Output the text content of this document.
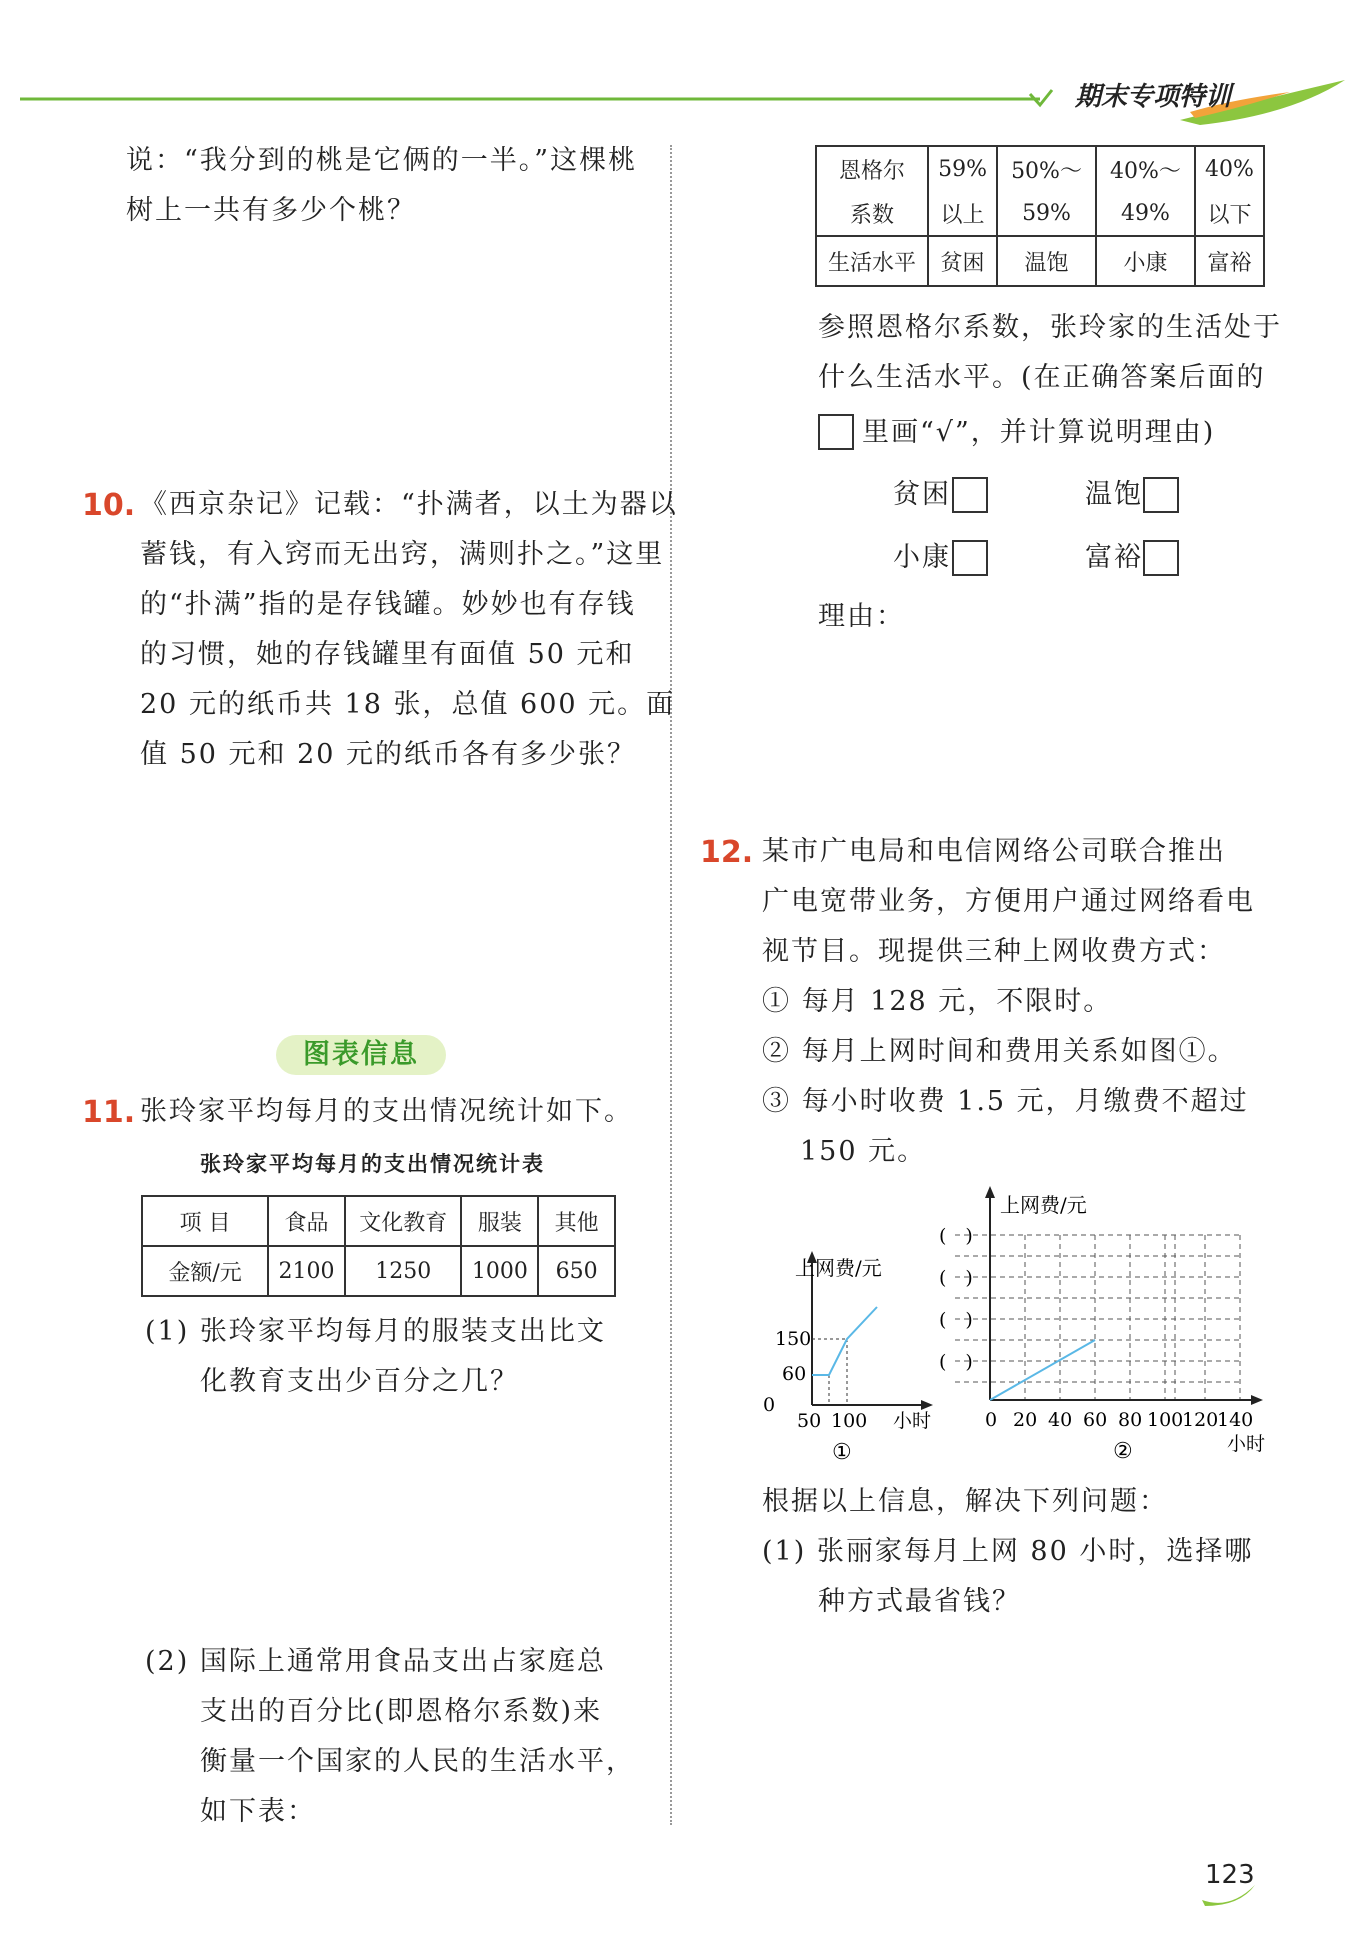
期末专项特训
说：“我分到的桃是它俩的一半。”这棵桃
树上一共有多少个桃？
10. 《西京杂记》记载：“扑满者，以土为器以
蓄钱，有入窍而无出窍，满则扑之。”这里
的“扑满”指的是存钱罐。妙妙也有存钱
的习惯，她的存钱罐里有面值 50 元和
20 元的纸币共 18 张，总值 600 元。面
值 50 元和 20 元的纸币各有多少张？
图表信息
11. 张玲家平均每月的支出情况统计如下。
张玲家平均每月的支出情况统计表
项 目	食品	文化教育	服装	其他
金额/元	2100	1250	1000	650
(1) 张玲家平均每月的服装支出比文
化教育支出少百分之几？
(2) 国际上通常用食品支出占家庭总
支出的百分比(即恩格尔系数)来
衡量一个国家的人民的生活水平，
如下表：
恩格尔	59%	50%～	40%～	40%
系数	以上	59%	49%	以下
生活水平	贫困	温饱	小康	富裕
参照恩格尔系数，张玲家的生活处于
什么生活水平。(在正确答案后面的
里画“√”，并计算说明理由)
贫困	温饱
小康	富裕
理由：
12. 某市广电局和电信网络公司联合推出
广电宽带业务，方便用户通过网络看电
视节目。现提供三种上网收费方式：
① 每月 128 元，不限时。
② 每月上网时间和费用关系如图①。
③ 每小时收费 1.5 元，月缴费不超过
150 元。
上网费/元
150
60
0
50 100 小时
①
上网费/元
(　)
(　)
(　)
(　)
0 20 40 60 80 100
120
140
小时
②
根据以上信息，解决下列问题：
(1) 张丽家每月上网 80 小时，选择哪
种方式最省钱？
123
